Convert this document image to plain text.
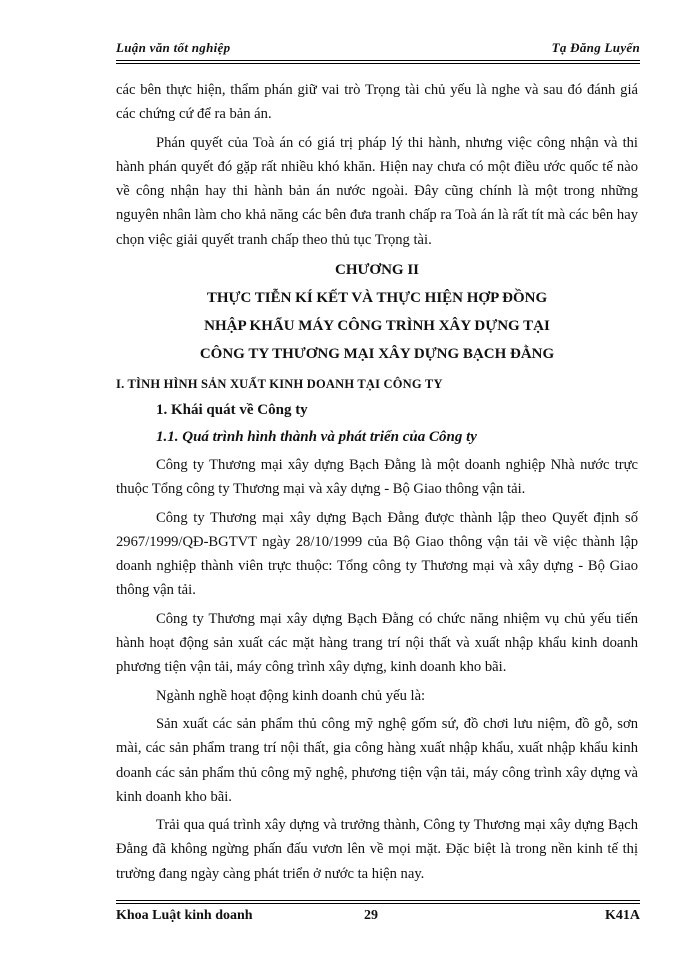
Luận văn tốt nghiệp	Tạ Đăng Luyến

các bên thực hiện, thẩm phán giữ vai trò Trọng tài chủ yếu là nghe và sau đó đánh giá các chứng cứ để ra bản án.

Phán quyết của Toà án có giá trị pháp lý thi hành, nhưng việc công nhận và thi hành phán quyết đó gặp rất nhiều khó khăn. Hiện nay chưa có một điều ước quốc tế nào về công nhận hay thi hành bản án nước ngoài. Đây cũng chính là một trong những nguyên nhân làm cho khả năng các bên đưa tranh chấp ra Toà án là rất tít mà các bên hay chọn việc giải quyết tranh chấp theo thủ tục Trọng tài.

CHƯƠNG II
THỰC TIỄN KÍ KẾT VÀ THỰC HIỆN HỢP ĐỒNG
NHẬP KHẨU MÁY CÔNG TRÌNH XÂY DỰNG TẠI
CÔNG TY THƯƠNG MẠI XÂY DỰNG BẠCH ĐẰNG
I. TÌNH HÌNH SẢN XUẤT KINH DOANH TẠI CÔNG TY
1. Khái quát về Công ty
1.1. Quá trình hình thành và phát triển của Công ty

Công ty Thương mại xây dựng Bạch Đằng là một doanh nghiệp Nhà nước trực thuộc Tổng công ty Thương mại và xây dựng - Bộ Giao thông vận tải.

Công ty Thương mại xây dựng Bạch Đằng được thành lập theo Quyết định số 2967/1999/QĐ-BGTVT ngày 28/10/1999 của Bộ Giao thông vận tải về việc thành lập doanh nghiệp thành viên trực thuộc: Tổng công ty Thương mại và xây dựng - Bộ Giao thông vận tải.

Công ty Thương mại xây dựng Bạch Đằng có chức năng nhiệm vụ chủ yếu tiến hành hoạt động sản xuất các mặt hàng trang trí nội thất và xuất nhập khẩu kinh doanh phương tiện vận tải, máy công trình xây dựng, kinh doanh kho bãi.

Ngành nghề hoạt động kinh doanh chủ yếu là:

Sản xuất các sản phẩm thủ công mỹ nghệ gốm sứ, đồ chơi lưu niệm, đồ gỗ, sơn mài, các sản phẩm trang trí nội thất, gia công hàng xuất nhập khẩu, xuất nhập khẩu kinh doanh các sản phẩm thủ công mỹ nghệ, phương tiện vận tải, máy công trình xây dựng và kinh doanh kho bãi.

Trải qua quá trình xây dựng và trưởng thành, Công ty Thương mại xây dựng Bạch Đằng đã không ngừng phấn đấu vươn lên về mọi mặt. Đặc biệt là trong nền kinh tế thị trường đang ngày càng phát triển ở nước ta hiện nay.

Khoa Luật kinh doanh	29	K41A
